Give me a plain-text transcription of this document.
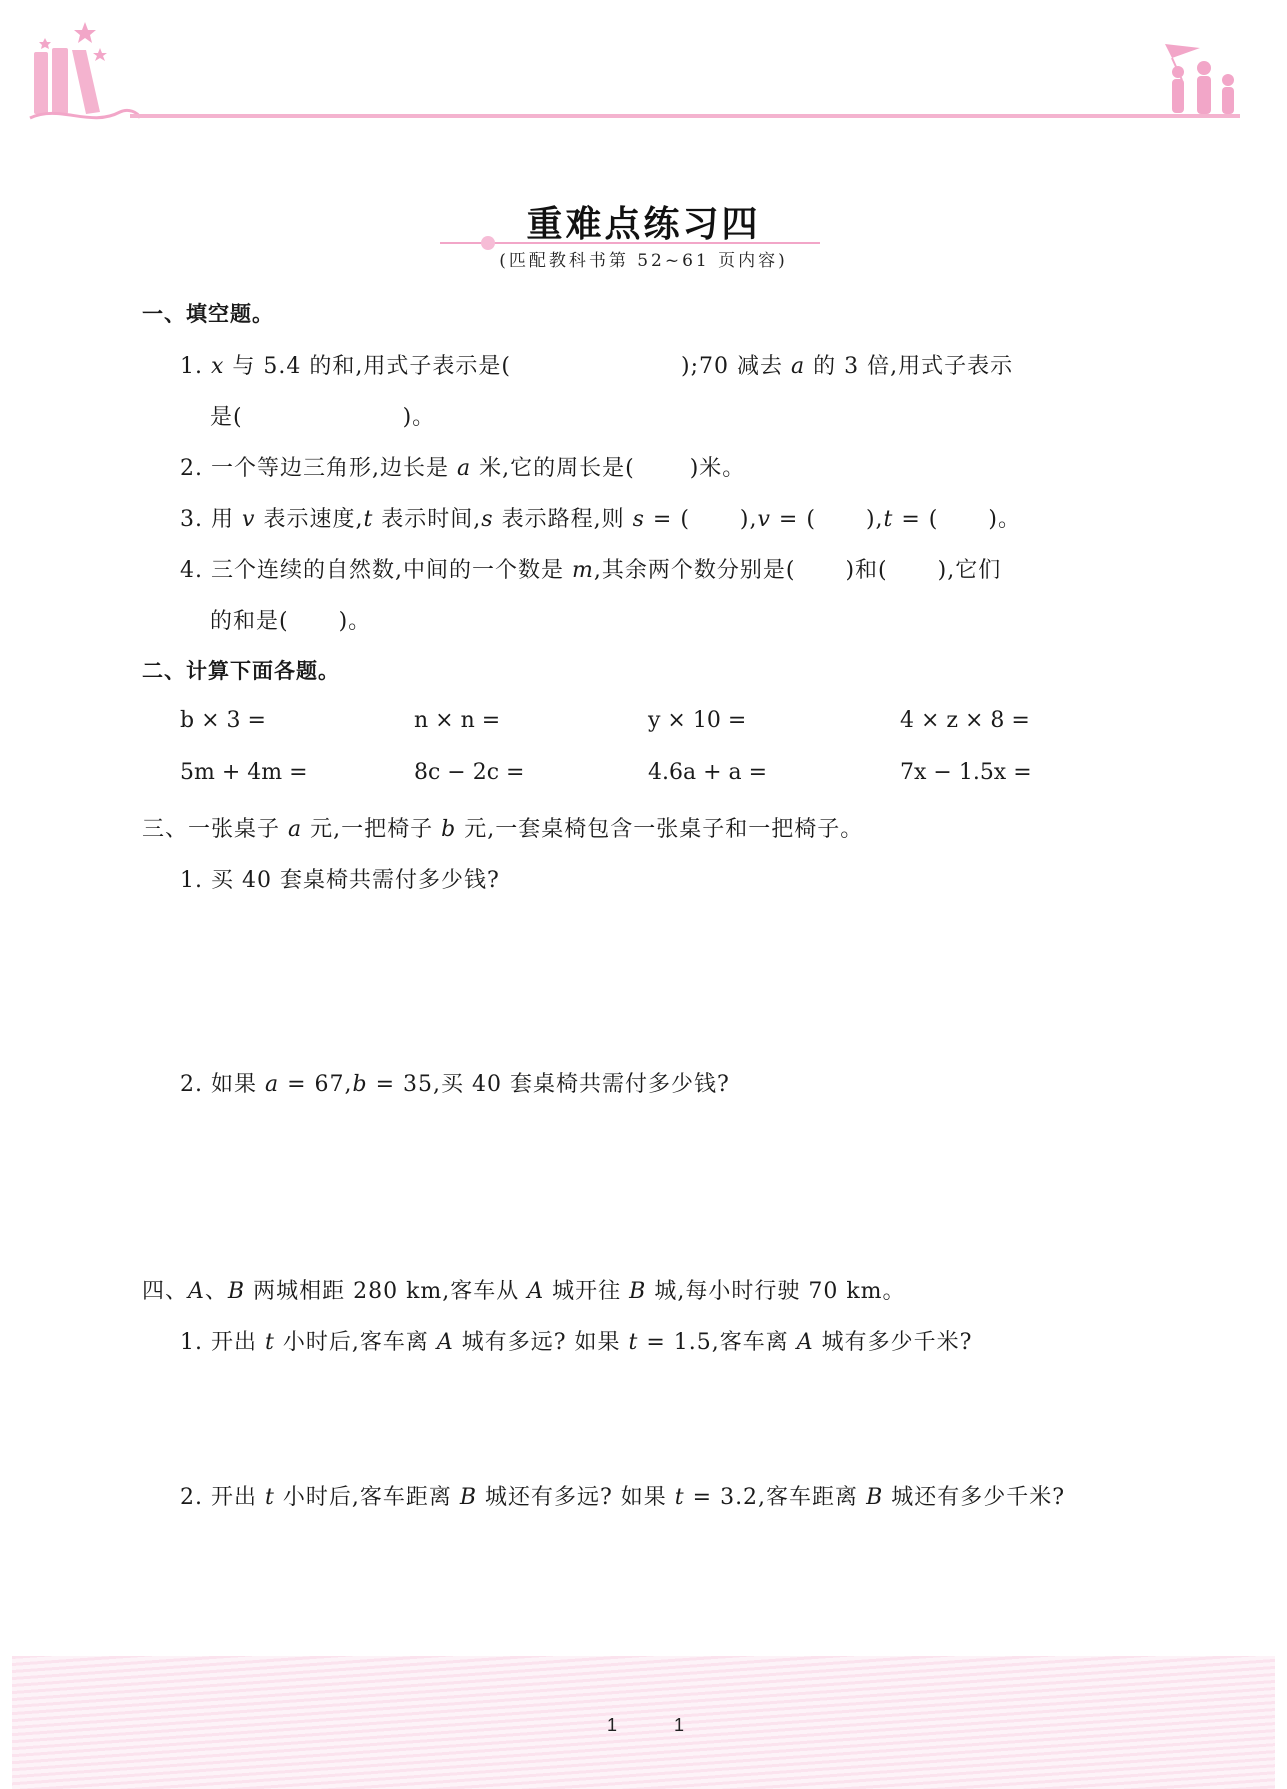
重难点练习四
(匹配教科书第 52~61 页内容)
一、填空题。
1. x 与 5.4 的和,用式子表示是(	);70 减去 a 的 3 倍,用式子表示
是(	)。
2. 一个等边三角形,边长是 a 米,它的周长是(	)米。
3. 用 v 表示速度,t 表示时间,s 表示路程,则 s = ( ),v = ( ),t = ( )。
4. 三个连续的自然数,中间的一个数是 m,其余两个数分别是( )和( ),它们
的和是( )。
二、计算下面各题。
b × 3 =	n × n =	y × 10 =	4 × z × 8 =
5m + 4m =	8c − 2c =	4.6a + a =	7x − 1.5x =
三、一张桌子 a 元,一把椅子 b 元,一套桌椅包含一张桌子和一把椅子。
1. 买 40 套桌椅共需付多少钱?
2. 如果 a = 67,b = 35,买 40 套桌椅共需付多少钱?
四、A、B 两城相距 280 km,客车从 A 城开往 B 城,每小时行驶 70 km。
1. 开出 t 小时后,客车离 A 城有多远? 如果 t = 1.5,客车离 A 城有多少千米?
2. 开出 t 小时后,客车距离 B 城还有多远? 如果 t = 3.2,客车距离 B 城还有多少千米?
1	1
